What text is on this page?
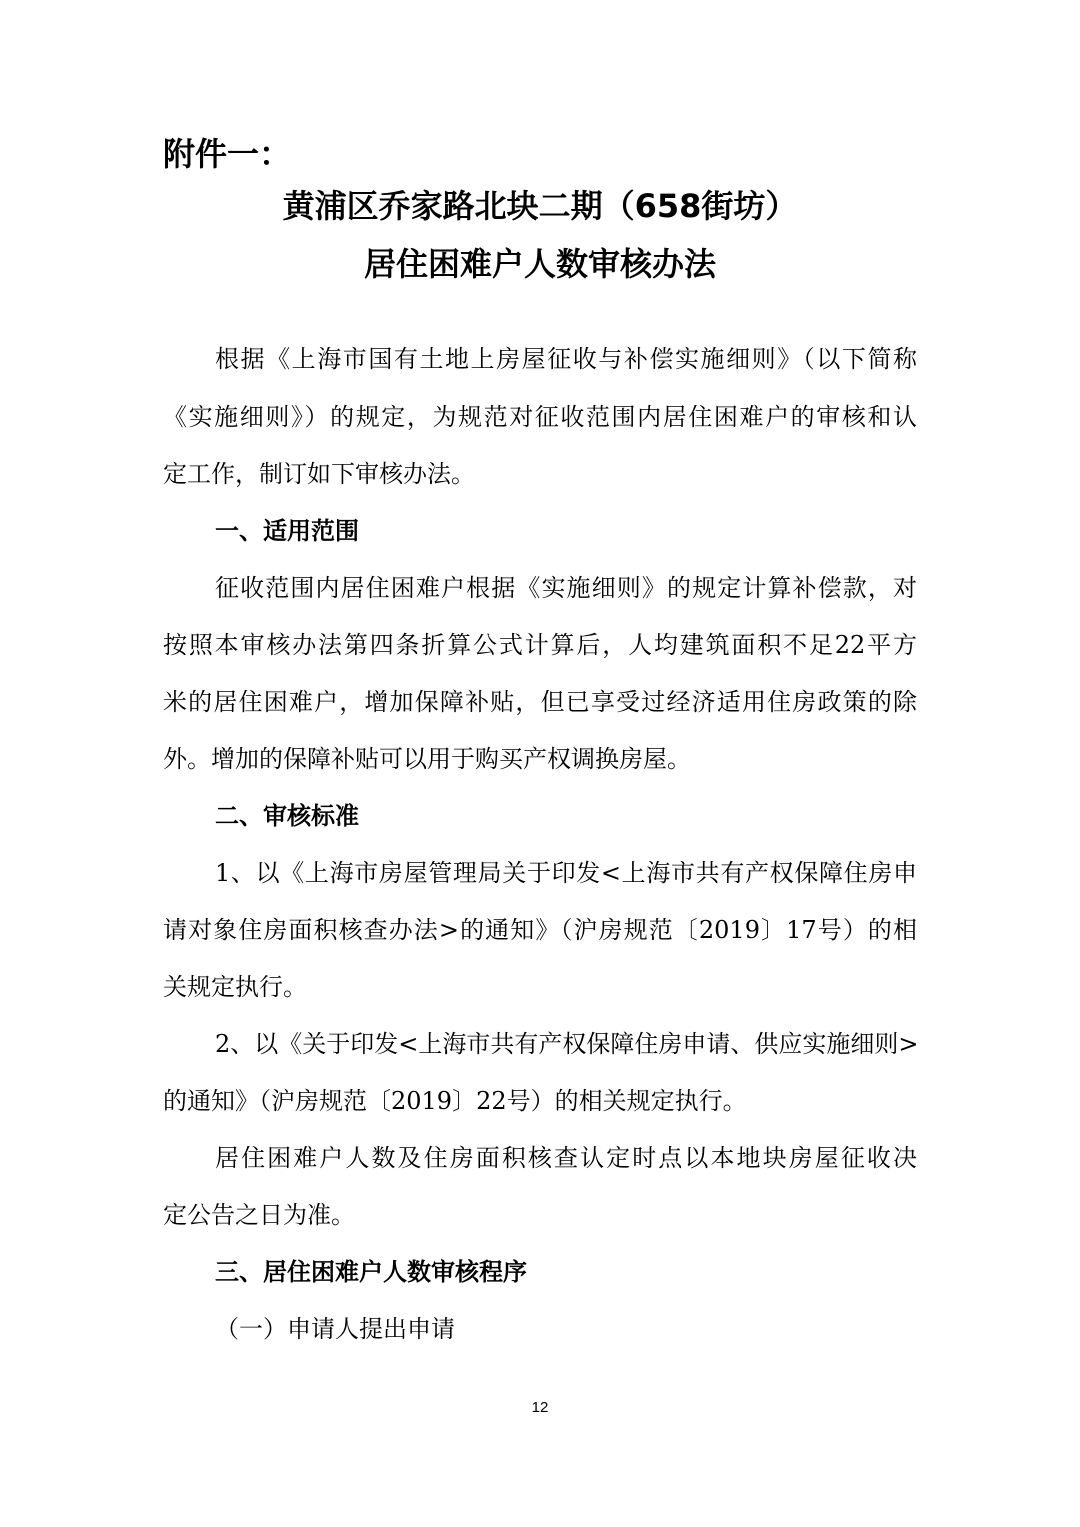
附件一：

黄浦区乔家路北块二期（658街坊）

居住困难户人数审核办法

根据《上海市国有土地上房屋征收与补偿实施细则》（以下简称

《实施细则》）的规定，为规范对征收范围内居住困难户的审核和认

定工作，制订如下审核办法。

一、适用范围

征收范围内居住困难户根据《实施细则》的规定计算补偿款，对

按照本审核办法第四条折算公式计算后，人均建筑面积不足22平方

米的居住困难户，增加保障补贴，但已享受过经济适用住房政策的除

外。增加的保障补贴可以用于购买产权调换房屋。

二、审核标准

1、以《上海市房屋管理局关于印发<上海市共有产权保障住房申

请对象住房面积核查办法>的通知》（沪房规范〔2019〕17号）的相

关规定执行。

2、以《关于印发<上海市共有产权保障住房申请、供应实施细则>

的通知》（沪房规范〔2019〕22号）的相关规定执行。

居住困难户人数及住房面积核查认定时点以本地块房屋征收决

定公告之日为准。

三、居住困难户人数审核程序

（一）申请人提出申请

12
